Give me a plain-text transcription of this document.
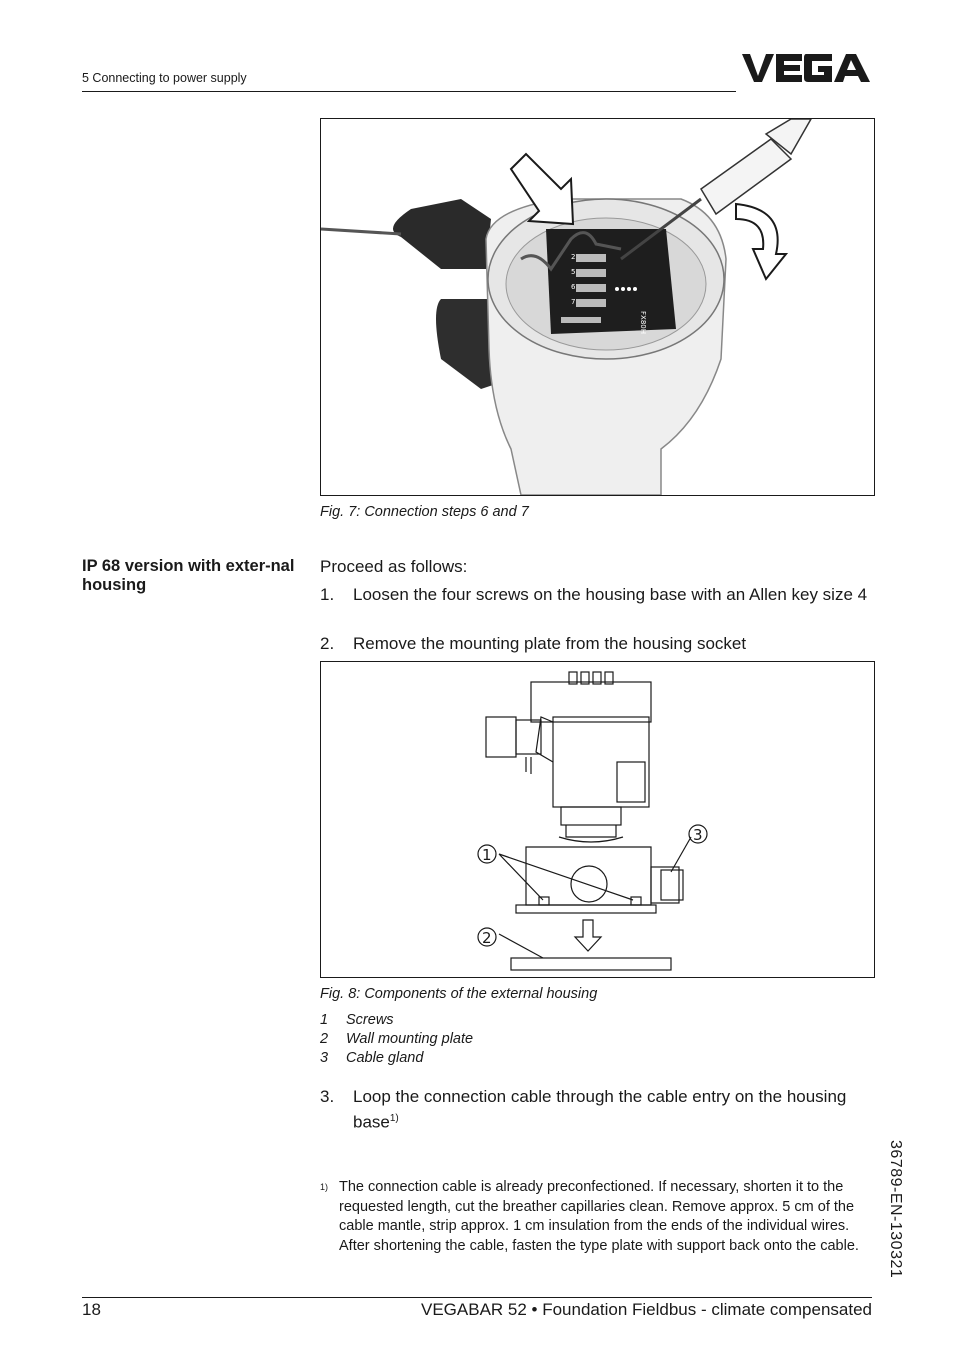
5 Connecting to power supply
2
5
6
7
FX80H
Fig. 7: Connection steps 6 and 7
IP 68 version with exter-nal housing
Proceed as follows:
1. Loosen the four screws on the housing base with an Allen key size 4
2. Remove the mounting plate from the housing socket
1
2
3
Fig. 8: Components of the external housing
1 Screws
2 Wall mounting plate
3 Cable gland
3. Loop the connection cable through the cable entry on the housing base$^{1)}$
1) The connection cable is already preconfectioned. If necessary, shorten it to the requested length, cut the breather capillaries clean. Remove approx. 5 cm of the cable mantle, strip approx. 1 cm insulation from the ends of the individual wires. After shortening the cable, fasten the type plate with support back onto the cable.	36789-EN-130321
18	VEGABAR 52 • Foundation Fieldbus - climate compensated
